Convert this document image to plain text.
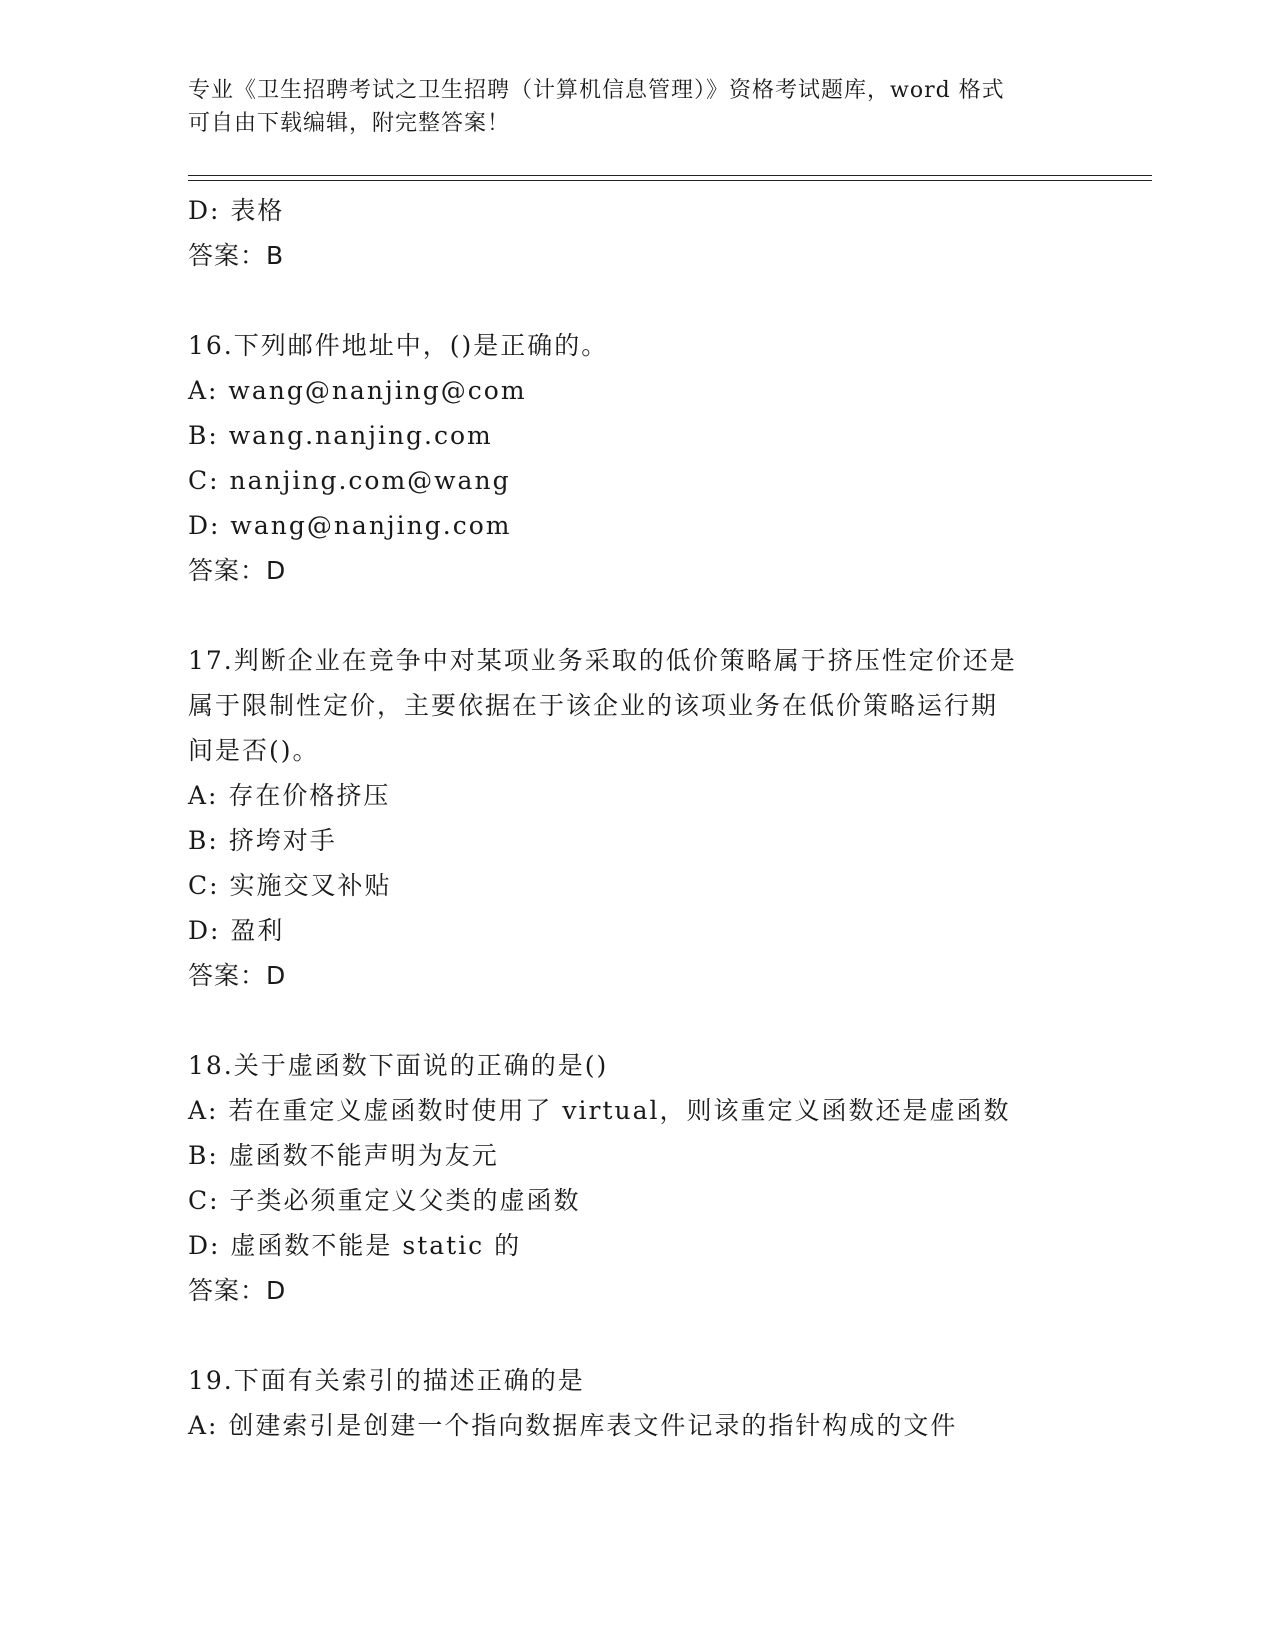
专业《卫生招聘考试之卫生招聘（计算机信息管理）》资格考试题库，word 格式
可自由下载编辑，附完整答案！
D: 表格
答案：B
16.下列邮件地址中，()是正确的。
A: wang@nanjing@com
B: wang.nanjing.com
C: nanjing.com@wang
D: wang@nanjing.com
答案：D
17.判断企业在竞争中对某项业务采取的低价策略属于挤压性定价还是
属于限制性定价，主要依据在于该企业的该项业务在低价策略运行期
间是否()。
A: 存在价格挤压
B: 挤垮对手
C: 实施交叉补贴
D: 盈利
答案：D
18.关于虚函数下面说的正确的是()
A: 若在重定义虚函数时使用了 virtual，则该重定义函数还是虚函数
B: 虚函数不能声明为友元
C: 子类必须重定义父类的虚函数
D: 虚函数不能是 static 的
答案：D
19.下面有关索引的描述正确的是
A: 创建索引是创建一个指向数据库表文件记录的指针构成的文件
